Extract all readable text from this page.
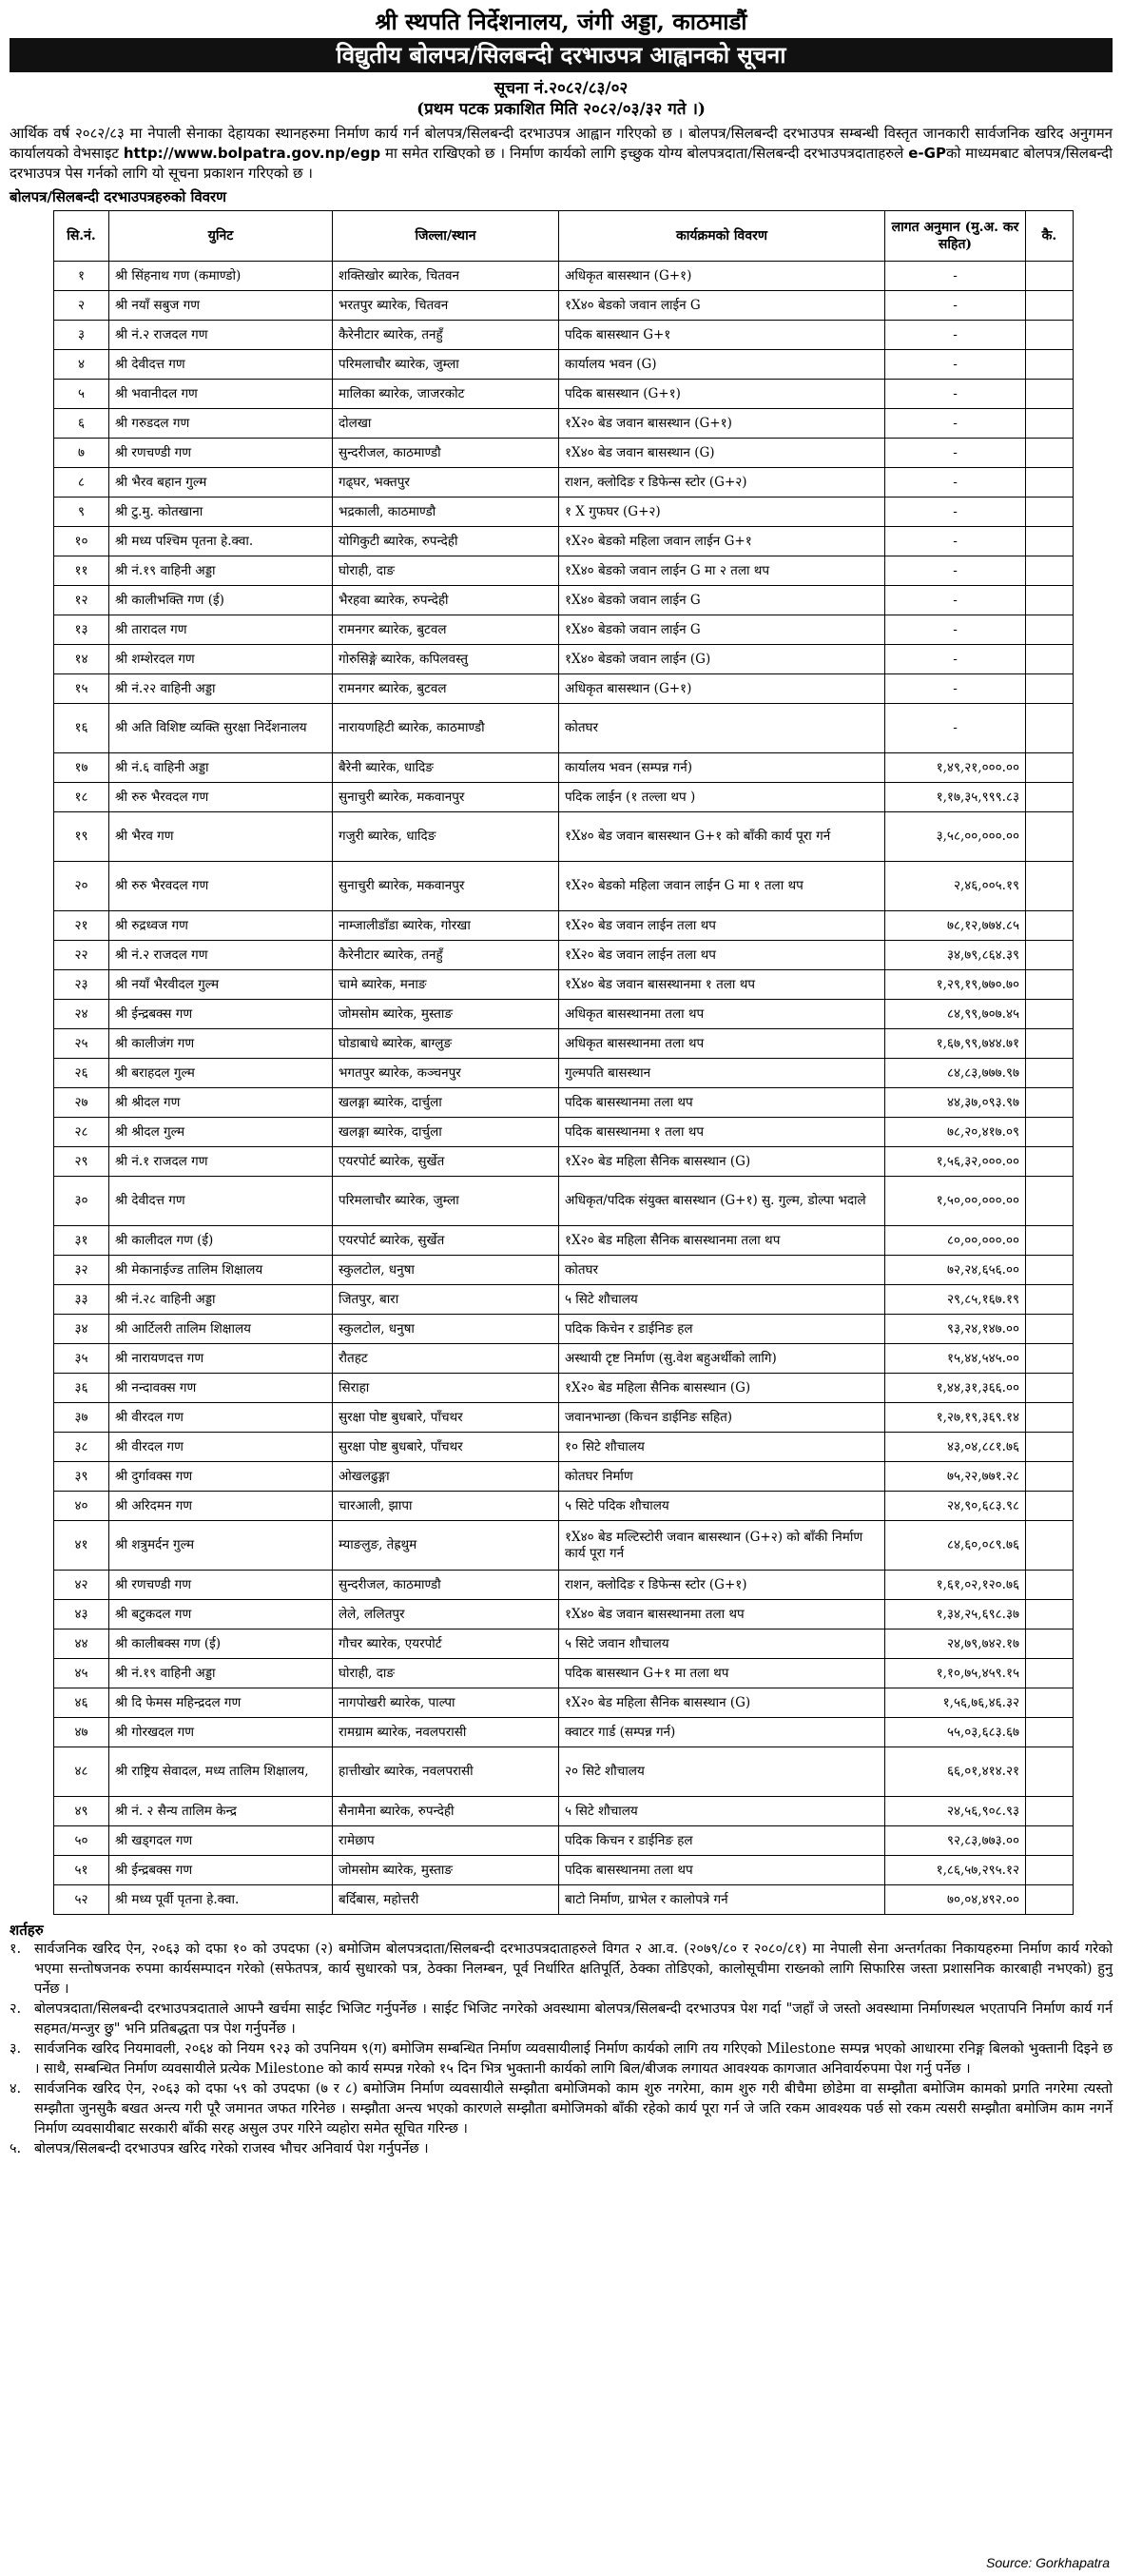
श्री स्थपति निर्देशनालय, जंगी अड्डा, काठमाडौं
विद्युतीय बोलपत्र/सिलबन्दी दरभाउपत्र आह्वानको सूचना
सूचना नं.२०८२/८३/०२
(प्रथम पटक प्रकाशित मिति २०८२/०३/३२ गते ।)
आर्थिक वर्ष २०८२/८३ मा नेपाली सेनाका देहायका स्थानहरुमा निर्माण कार्य गर्न बोलपत्र/सिलबन्दी दरभाउपत्र आह्वान गरिएको छ । बोलपत्र/सिलबन्दी दरभाउपत्र सम्बन्धी विस्तृत जानकारी सार्वजनिक खरिद अनुगमन कार्यालयको वेभसाइट http://www.bolpatra.gov.np/egp मा समेत राखिएको छ । निर्माण कार्यको लागि इच्छुक योग्य बोलपत्रदाता/सिलबन्दी दरभाउपत्रदाताहरुले e-GPको माध्यमबाट बोलपत्र/सिलबन्दी दरभाउपत्र पेस गर्नको लागि यो सूचना प्रकाशन गरिएको छ ।
बोलपत्र/सिलबन्दी दरभाउपत्रहरुको विवरण
सि.नं.	युनिट	जिल्ला/स्थान	कार्यक्रमको विवरण	लागत अनुमान (मु.अ. कर सहित)	कै.
१	श्री सिंहनाथ गण (कमाण्डो)	शक्तिखोर ब्यारेक, चितवन	अधिकृत बासस्थान (G+१)	-	
२	श्री नयाँ सबुज गण	भरतपुर ब्यारेक, चितवन	१X४० बेडको जवान लाईन G	-	
३	श्री नं.२ राजदल गण	कैरेनीटार ब्यारेक, तनहुँ	पदिक बासस्थान G+१	-	
४	श्री देवीदत्त गण	परिमलाचौर ब्यारेक, जुम्ला	कार्यालय भवन (G)	-	
५	श्री भवानीदल गण	मालिका ब्यारेक, जाजरकोट	पदिक बासस्थान (G+१)	-	
६	श्री गरुडदल गण	दोलखा	१X२० बेड जवान बासस्थान (G+१)	-	
७	श्री रणचण्डी गण	सुन्दरीजल, काठमाण्डौ	१X४० बेड जवान बासस्थान (G)	-	
८	श्री भैरव बहान गुल्म	गढ्घर, भक्तपुर	राशन, क्लोदिङ र डिफेन्स स्टोर (G+२)	-	
९	श्री टु.मु. कोतखाना	भद्रकाली, काठमाण्डौ	१ X गुफघर (G+२)	-	
१०	श्री मध्य पश्चिम पृतना हे.क्वा.	योगिकुटी ब्यारेक, रुपन्देही	१X२० बेडको महिला जवान लाईन G+१	-	
११	श्री नं.१९ वाहिनी अड्डा	घोराही, दाङ	१X४० बेडको जवान लाईन G मा २ तला थप	-	
१२	श्री कालीभक्ति गण (ई)	भैरहवा ब्यारेक, रुपन्देही	१X४० बेडको जवान लाईन G	-	
१३	श्री तारादल गण	रामनगर ब्यारेक, बुटवल	१X४० बेडको जवान लाईन G	-	
१४	श्री शम्शेरदल गण	गोरुसिङ्गे ब्यारेक, कपिलवस्तु	१X४० बेडको जवान लाईन (G)	-	
१५	श्री नं.२२ वाहिनी अड्डा	रामनगर ब्यारेक, बुटवल	अधिकृत बासस्थान (G+१)	-	
१६	श्री अति विशिष्ट व्यक्ति सुरक्षा निर्देशनालय	नारायणहिटी ब्यारेक, काठमाण्डौ	कोतघर	-	
१७	श्री नं.६ वाहिनी अड्डा	बैरेनी ब्यारेक, धादिङ	कार्यालय भवन (सम्पन्न गर्न)	१,४९,२१,०००.००	
१८	श्री रुरु भैरवदल गण	सुनाचुरी ब्यारेक, मकवानपुर	पदिक लाईन (१ तल्ला थप )	१,१७,३५,९९९.८३	
१९	श्री भैरव गण	गजुरी ब्यारेक, धादिङ	१X४० बेड जवान बासस्थान G+१ को बाँकी कार्य पूरा गर्न	३,५८,००,०००.००	
२०	श्री रुरु भैरवदल गण	सुनाचुरी ब्यारेक, मकवानपुर	१X२० बेडको महिला जवान लाईन G मा १ तला थप	२,४६,००५.१९	
२१	श्री रुद्रध्वज गण	नाम्जालीडाँडा ब्यारेक, गोरखा	१X२० बेड जवान लाईन तला थप	७८,१२,७७४.८५	
२२	श्री नं.२ राजदल गण	कैरेनीटार ब्यारेक, तनहुँ	१X२० बेड जवान लाईन तला थप	३४,७९,८६४.३९	
२३	श्री नयाँ भैरवीदल गुल्म	चामे ब्यारेक, मनाङ	१X४० बेड जवान बासस्थानमा १ तला थप	१,२९,१९,७७०.७०	
२४	श्री ईन्द्रबक्स गण	जोमसोम ब्यारेक, मुस्ताङ	अधिकृत बासस्थानमा तला थप	८४,९९,७०७.४५	
२५	श्री कालीजंग गण	घोडाबाधे ब्यारेक, बाग्लुङ	अधिकृत बासस्थानमा तला थप	१,६७,९९,७४४.७१	
२६	श्री बराहदल गुल्म	भगतपुर ब्यारेक, कञ्चनपुर	गुल्मपति बासस्थान	८४,८३,७७७.९७	
२७	श्री श्रीदल गण	खलङ्गा ब्यारेक, दार्चुला	पदिक बासस्थानमा तला थप	४४,३७,०९३.९७	
२८	श्री श्रीदल गुल्म	खलङ्गा ब्यारेक, दार्चुला	पदिक बासस्थानमा १ तला थप	७८,२०,४१७.०९	
२९	श्री नं.१ राजदल गण	एयरपोर्ट ब्यारेक, सुर्खेत	१X२० बेड महिला सैनिक बासस्थान (G)	१,५६,३२,०००.००	
३०	श्री देवीदत्त गण	परिमलाचौर ब्यारेक, जुम्ला	अधिकृत/पदिक संयुक्त बासस्थान (G+१) सु. गुल्म, डोल्पा भदाले	१,५०,००,०००.००	
३१	श्री कालीदल गण (ई)	एयरपोर्ट ब्यारेक, सुर्खेत	१X२० बेड महिला सैनिक बासस्थानमा तला थप	८०,००,०००.००	
३२	श्री मेकानाईज्ड तालिम शिक्षालय	स्कुलटोल, धनुषा	कोतघर	७२,२४,६५६.००	
३३	श्री नं.२८ वाहिनी अड्डा	जितपुर, बारा	५ सिटे शौचालय	२९,८५,१६७.१९	
३४	श्री आर्टिलरी तालिम शिक्षालय	स्कुलटोल, धनुषा	पदिक किचेन र डाईनिङ हल	९३,२४,१४७.००	
३५	श्री नारायणदत्त गण	रौतहट	अस्थायी टृष्ट निर्माण (सु.वेश बहुअर्थीको लागि)	१५,४४,५४५.००	
३६	श्री नन्दावक्स गण	सिराहा	१X२० बेड महिला सैनिक बासस्थान (G)	१,४४,३१,३६६.००	
३७	श्री वीरदल गण	सुरक्षा पोष्ट बुधबारे, पाँचथर	जवानभान्छा (किचन डाईनिङ सहित)	१,२७,१९,३६९.१४	
३८	श्री वीरदल गण	सुरक्षा पोष्ट बुधबारे, पाँचथर	१० सिटे शौचालय	४३,०४,८८१.७६	
३९	श्री दुर्गावक्स गण	ओखलढुङ्गा	कोतघर निर्माण	७५,२२,७७१.२८	
४०	श्री अरिदमन गण	चारआली, झापा	५ सिटे पदिक शौचालय	२४,९०,६८३.९८	
४१	श्री शत्रुमर्दन गुल्म	म्याङलुङ, तेह्रथुम	१X४० बेड मल्टिस्टोरी जवान बासस्थान (G+२) को बाँकी निर्माण कार्य पूरा गर्न	८४,६०,०८९.७६	
४२	श्री रणचण्डी गण	सुन्दरीजल, काठमाण्डौ	राशन, क्लोदिङ र डिफेन्स स्टोर (G+१)	१,६१,०२,१२०.७६	
४३	श्री बटुकदल गण	लेले, ललितपुर	१X४० बेड जवान बासस्थानमा तला थप	१,३४,२५,६९८.३७	
४४	श्री कालीबक्स गण (ई)	गौचर ब्यारेक, एयरपोर्ट	५ सिटे जवान शौचालय	२४,७९,७४२.१७	
४५	श्री नं.१९ वाहिनी अड्डा	घोराही, दाङ	पदिक बासस्थान G+१ मा तला थप	१,१०,७५,४५९.१५	
४६	श्री दि फेमस महिन्द्रदल गण	नागपोखरी ब्यारेक, पाल्पा	१X२० बेड महिला सैनिक बासस्थान (G)	१,५६,७६,४६.३२	
४७	श्री गोरखदल गण	रामग्राम ब्यारेक, नवलपरासी	क्वाटर गार्ड (सम्पन्न गर्न)	५५,०३,६८३.६७	
४८	श्री राष्ट्रिय सेवादल, मध्य तालिम शिक्षालय,	हात्तीखोर ब्यारेक, नवलपरासी	२० सिटे शौचालय	६६,०१,४१४.२१	
४९	श्री नं. २ सैन्य तालिम केन्द्र	सैनामैना ब्यारेक, रुपन्देही	५ सिटे शौचालय	२४,५६,९०८.९३	
५०	श्री खड्गदल गण	रामेछाप	पदिक किचन र डाईनिङ हल	९२,८३,७७३.००	
५१	श्री ईन्द्रबक्स गण	जोमसोम ब्यारेक, मुस्ताङ	पदिक बासस्थानमा तला थप	१,८६,५७,२९५.१२	
५२	श्री मध्य पूर्वी पृतना हे.क्वा.	बर्दिबास, महोत्तरी	बाटो निर्माण, ग्राभेल र कालोपत्रे गर्न	७०,०४,४९२.००	
शर्तहरु
१. सार्वजनिक खरिद ऐन, २०६३ को दफा १० को उपदफा (२) बमोजिम बोलपत्रदाता/सिलबन्दी दरभाउपत्रदाताहरुले विगत २ आ.व. (२०७९/८० र २०८०/८१) मा नेपाली सेना अन्तर्गतका निकायहरुमा निर्माण कार्य गरेको भएमा सन्तोषजनक रुपमा कार्यसम्पादन गरेको (सफेतपत्र, कार्य सुधारको पत्र, ठेक्का निलम्बन, पूर्व निर्धारित क्षतिपूर्ति, ठेक्का तोडिएको, कालोसूचीमा राख्नको लागि सिफारिस जस्ता प्रशासनिक कारबाही नभएको) हुनु पर्नेछ ।
२. बोलपत्रदाता/सिलबन्दी दरभाउपत्रदाताले आफ्नै खर्चमा साईट भिजिट गर्नुपर्नेछ । साईट भिजिट नगरेको अवस्थामा बोलपत्र/सिलबन्दी दरभाउपत्र पेश गर्दा "जहाँ जे जस्तो अवस्थामा निर्माणस्थल भएतापनि निर्माण कार्य गर्न सहमत/मन्जुर छु" भनि प्रतिबद्धता पत्र पेश गर्नुपर्नेछ ।
३. सार्वजनिक खरिद नियमावली, २०६४ को नियम ९२३ को उपनियम ९(ग) बमोजिम सम्बन्धित निर्माण व्यवसायीलाई निर्माण कार्यको लागि तय गरिएको Milestone सम्पन्न भएको आधारमा रनिङ्ग बिलको भुक्तानी दिइने छ । साथै, सम्बन्धित निर्माण व्यवसायीले प्रत्येक Milestone को कार्य सम्पन्न गरेको १५ दिन भित्र भुक्तानी कार्यको लागि बिल/बीजक लगायत आवश्यक कागजात अनिवार्यरुपमा पेश गर्नु पर्नेछ ।
४. सार्वजनिक खरिद ऐन, २०६३ को दफा ५९ को उपदफा (७ र ८) बमोजिम निर्माण व्यवसायीले सम्झौता बमोजिमको काम शुरु नगरेमा, काम शुरु गरी बीचैमा छोडेमा वा सम्झौता बमोजिम कामको प्रगति नगरेमा त्यस्तो सम्झौता जुनसुकै बखत अन्त्य गरी पूरै जमानत जफत गरिनेछ । सम्झौता अन्त्य भएको कारणले सम्झौता बमोजिमको बाँकी रहेको कार्य पूरा गर्न जे जति रकम आवश्यक पर्छ सो रकम त्यसरी सम्झौता बमोजिम काम नगर्ने निर्माण व्यवसायीबाट सरकारी बाँकी सरह असुल उपर गरिने व्यहोरा समेत सूचित गरिन्छ ।
५. बोलपत्र/सिलबन्दी दरभाउपत्र खरिद गरेको राजस्व भौचर अनिवार्य पेश गर्नुपर्नेछ ।
Source: Gorkhapatra
